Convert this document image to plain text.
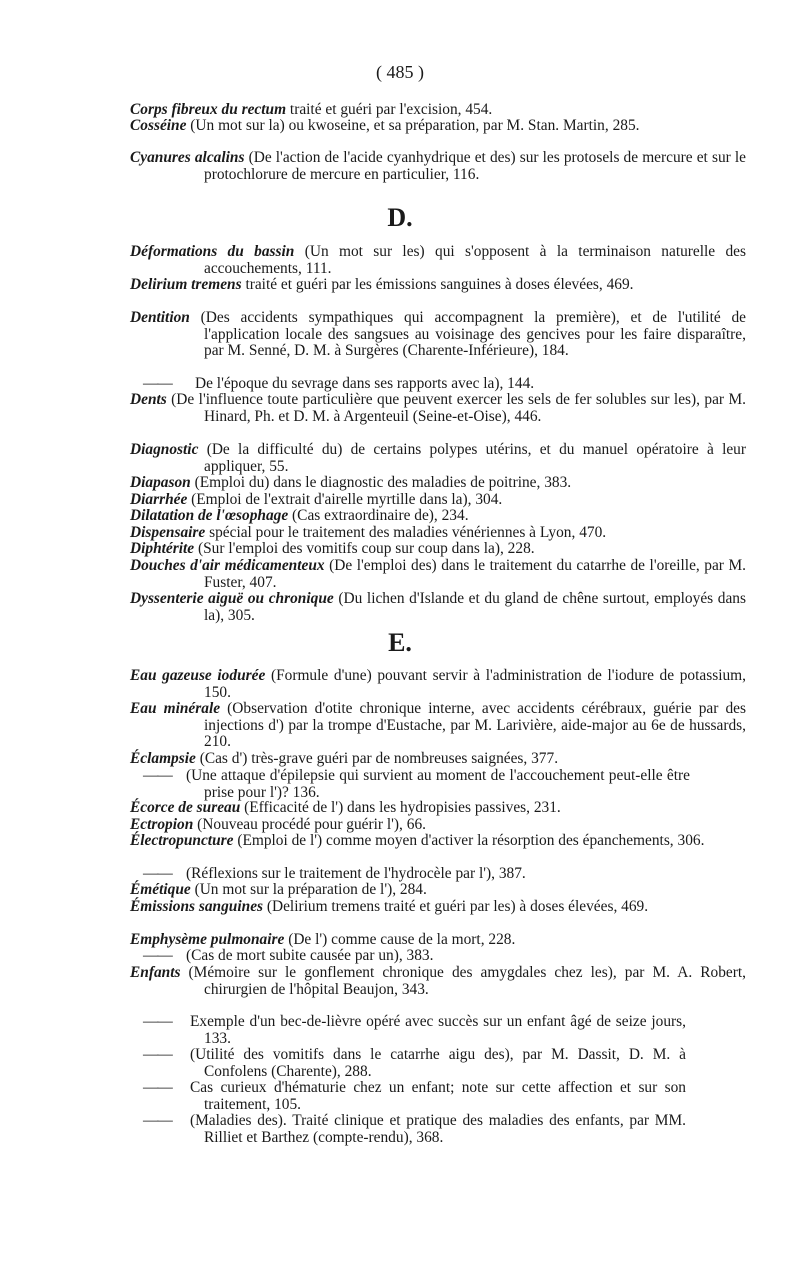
( 485 )
Corps fibreux du rectum traité et guéri par l'excision, 454.
Cosséine (Un mot sur la) ou kwoseine, et sa préparation, par M. Stan. Martin, 285.
Cyanures alcalins (De l'action de l'acide cyanhydrique et des) sur les protosels de mercure et sur le protochlorure de mercure en particulier, 116.
D.
Déformations du bassin (Un mot sur les) qui s'opposent à la terminaison naturelle des accouchements, 111.
Delirium tremens traité et guéri par les émissions sanguines à doses élevées, 469.
Dentition (Des accidents sympathiques qui accompagnent la première), et de l'utilité de l'application locale des sangsues au voisinage des gencives pour les faire disparaître, par M. Senné, D. M. à Surgères (Charente-Inférieure), 184.
—— De l'époque du sevrage dans ses rapports avec la), 144.
Dents (De l'influence toute particulière que peuvent exercer les sels de fer solubles sur les), par M. Hinard, Ph. et D. M. à Argenteuil (Seine-et-Oise), 446.
Diagnostic (De la difficulté du) de certains polypes utérins, et du manuel opératoire à leur appliquer, 55.
Diapason (Emploi du) dans le diagnostic des maladies de poitrine, 383.
Diarrhée (Emploi de l'extrait d'airelle myrtille dans la), 304.
Dilatation de l'œsophage (Cas extraordinaire de), 234.
Dispensaire spécial pour le traitement des maladies vénériennes à Lyon, 470.
Diphtérite (Sur l'emploi des vomitifs coup sur coup dans la), 228.
Douches d'air médicamenteux (De l'emploi des) dans le traitement du catarrhe de l'oreille, par M. Fuster, 407.
Dyssenterie aiguë ou chronique (Du lichen d'Islande et du gland de chêne surtout, employés dans la), 305.
E.
Eau gazeuse iodurée (Formule d'une) pouvant servir à l'administration de l'iodure de potassium, 150.
Eau minérale (Observation d'otite chronique interne, avec accidents cérébraux, guérie par des injections d') par la trompe d'Eustache, par M. Larivière, aide-major au 6e de hussards, 210.
Éclampsie (Cas d') très-grave guéri par de nombreuses saignées, 377.
—— (Une attaque d'épilepsie qui survient au moment de l'accouchement peut-elle être prise pour l')? 136.
Écorce de sureau (Efficacité de l') dans les hydropisies passives, 231.
Ectropion (Nouveau procédé pour guérir l'), 66.
Électropuncture (Emploi de l') comme moyen d'activer la résorption des épanchements, 306.
—— (Réflexions sur le traitement de l'hydrocèle par l'), 387.
Émétique (Un mot sur la préparation de l'), 284.
Émissions sanguines (Delirium tremens traité et guéri par les) à doses élevées, 469.
Emphysème pulmonaire (De l') comme cause de la mort, 228.
—— (Cas de mort subite causée par un), 383.
Enfants (Mémoire sur le gonflement chronique des amygdales chez les), par M. A. Robert, chirurgien de l'hôpital Beaujon, 343.
—— Exemple d'un bec-de-lièvre opéré avec succès sur un enfant âgé de seize jours, 133.
—— (Utilité des vomitifs dans le catarrhe aigu des), par M. Dassit, D. M. à Confolens (Charente), 288.
—— Cas curieux d'hématurie chez un enfant; note sur cette affection et sur son traitement, 105.
—— (Maladies des). Traité clinique et pratique des maladies des enfants, par MM. Rilliet et Barthez (compte-rendu), 368.
